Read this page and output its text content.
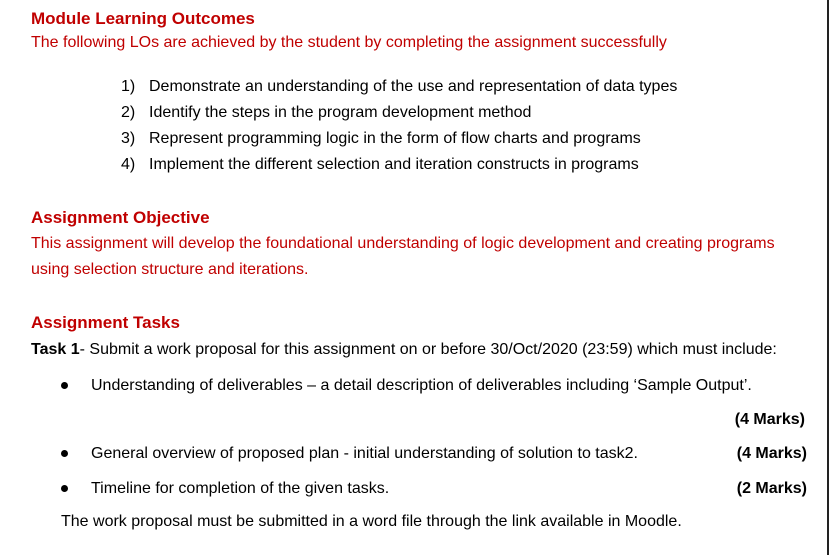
Module Learning Outcomes
The following LOs are achieved by the student by completing the assignment successfully
1) Demonstrate an understanding of the use and representation of data types
2) Identify the steps in the program development method
3) Represent programming logic in the form of flow charts and programs
4) Implement the different selection and iteration constructs in programs
Assignment Objective
This assignment will develop the foundational understanding of logic development and creating programs
using selection structure and iterations.
Assignment Tasks
Task 1- Submit a work proposal for this assignment on or before 30/Oct/2020 (23:59) which must include:
Understanding of deliverables – a detail description of deliverables including ‘Sample Output’.
(4 Marks)
General overview of proposed plan - initial understanding of solution to task2.	(4 Marks)
Timeline for completion of the given tasks.	(2 Marks)
The work proposal must be submitted in a word file through the link available in Moodle.
